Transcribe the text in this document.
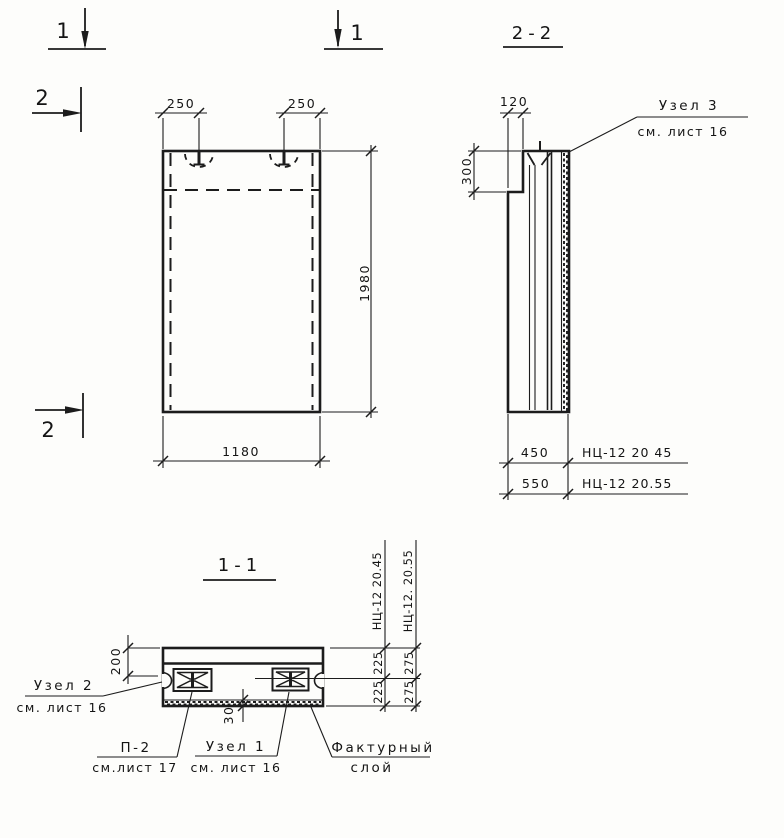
1	1
2
2
250	250
1980
1180
2-2
120
300
Узел 3
см. лист 16
450	НЦ-12 20 45
550	НЦ-12 20.55
1-1
200
30
НЦ-12 20.45 НЦ-12. 20.55
225
225
275
275
Узел 2
см. лист 16
П-2
см.лист 17
Узел 1
см. лист 16
Фактурный
слой
